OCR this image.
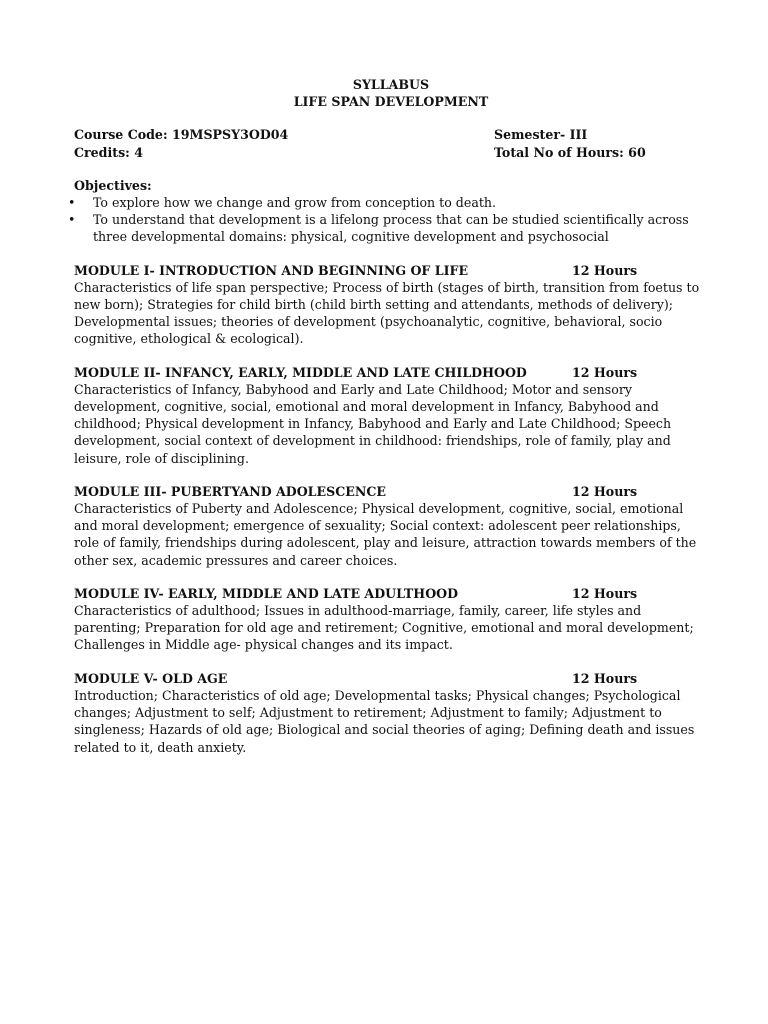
SYLLABUS
LIFE SPAN DEVELOPMENT
Course Code: 19MSPSY3OD04	Semester- III
Credits: 4	Total No of Hours: 60
Objectives:
• To explore how we change and grow from conception to death.
• To understand that development is a lifelong process that can be studied scientifically across three developmental domains: physical, cognitive development and psychosocial
MODULE I- INTRODUCTION AND BEGINNING OF LIFE	12 Hours
Characteristics of life span perspective; Process of birth (stages of birth, transition from foetus to new born); Strategies for child birth (child birth setting and attendants, methods of delivery); Developmental issues; theories of development (psychoanalytic, cognitive, behavioral, socio cognitive, ethological & ecological).
MODULE II- INFANCY, EARLY, MIDDLE AND LATE CHILDHOOD	12 Hours
Characteristics of Infancy, Babyhood and Early and Late Childhood; Motor and sensory development, cognitive, social, emotional and moral development in Infancy, Babyhood and childhood; Physical development in Infancy, Babyhood and Early and Late Childhood; Speech development, social context of development in childhood: friendships, role of family, play and leisure, role of disciplining.
MODULE III- PUBERTYAND ADOLESCENCE	12 Hours
Characteristics of Puberty and Adolescence; Physical development, cognitive, social, emotional and moral development; emergence of sexuality; Social context: adolescent peer relationships, role of family, friendships during adolescent, play and leisure, attraction towards members of the other sex, academic pressures and career choices.
MODULE IV- EARLY, MIDDLE AND LATE ADULTHOOD	12 Hours
Characteristics of adulthood; Issues in adulthood-marriage, family, career, life styles and parenting; Preparation for old age and retirement; Cognitive, emotional and moral development; Challenges in Middle age- physical changes and its impact.
MODULE V- OLD AGE	12 Hours
Introduction; Characteristics of old age; Developmental tasks; Physical changes; Psychological changes; Adjustment to self; Adjustment to retirement; Adjustment to family; Adjustment to singleness; Hazards of old age; Biological and social theories of aging; Defining death and issues related to it, death anxiety.
